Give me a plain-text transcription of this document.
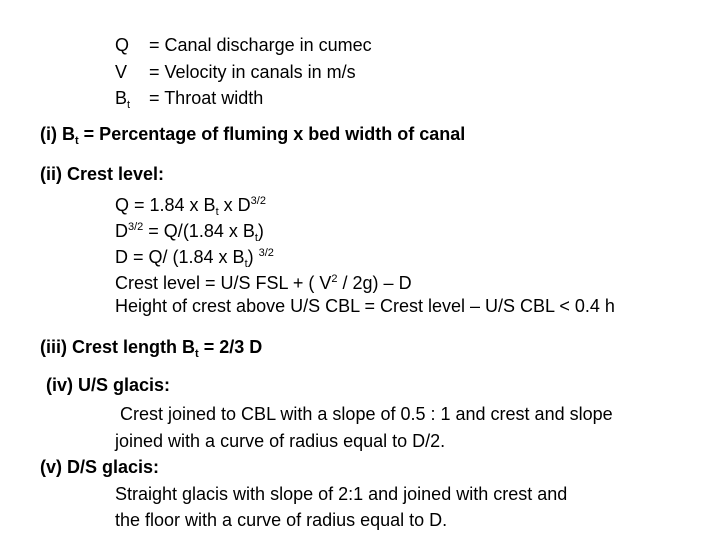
Q = Canal discharge in cumec
V = Velocity in canals in m/s
$B_t$ = Throat width
(i) $B_t$ = Percentage of fluming x bed width of canal
(ii) Crest level:
Q = 1.84 x $B_t$ x $D^{3/2}$
$D^{3/2} = Q/(1.84$ x $B_t$)
D = Q/ (1.84 x $B_t$) $^{3/2}$
Crest level = U/S FSL + ( $V^2 / 2g$) – D
Height of crest above U/S CBL = Crest level – U/S CBL < 0.4 h
(iii) Crest length $B_t = 2/3$ D
(iv) U/S glacis:
Crest joined to CBL with a slope of 0.5 : 1 and crest and slope
joined with a curve of radius equal to D/2.
(v) D/S glacis:
Straight glacis with slope of 2:1 and joined with crest and
the floor with a curve of radius equal to D.
